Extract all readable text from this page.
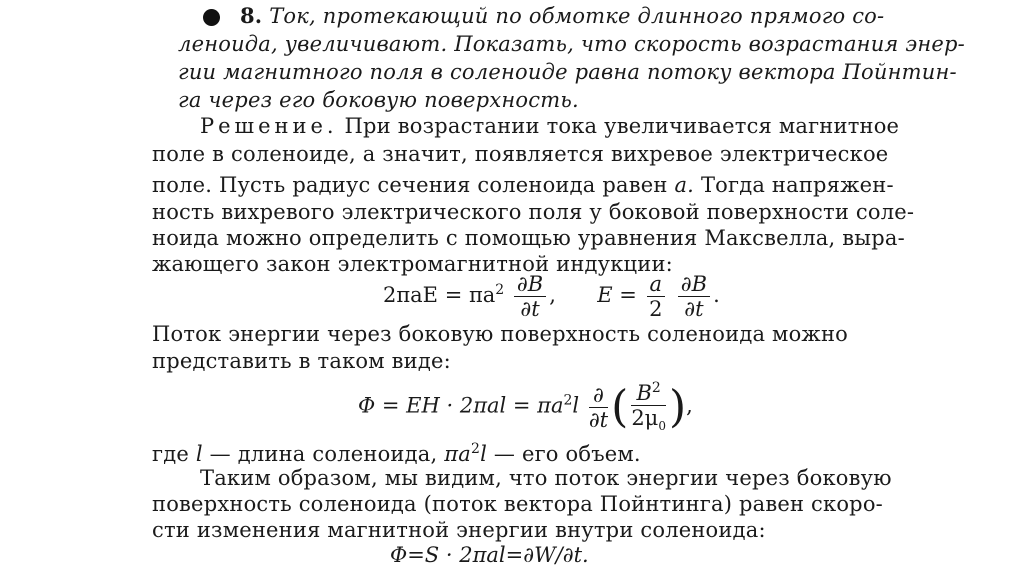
8. Ток, протекающий по обмотке длинного прямого со-
леноида, увеличивают. Показать, что скорость возрастания энер-
гии магнитного поля в соленоиде равна потоку вектора Пойнтин-
га через его боковую поверхность.
Решение. При возрастании тока увеличивается магнитное
поле в соленоиде, а значит, появляется вихревое электрическое
поле. Пусть радиус сечения соленоида равен a. Тогда напряжен-
ность вихревого электрического поля у боковой поверхности соле-
ноида можно определить с помощью уравнения Максвелла, выра-
жающего закон электромагнитной индукции:
$2\pi aE = \pi a^2 \frac{\partial B}{\partial t}$ , $E = \frac{a}{2}$
$\frac{\partial B}{\partial t}$ .
Поток энергии через боковую поверхность соленоида можно
представить в таком виде:
Φ = EH · $2\pi al = \pi a^2l \frac{\partial}{\partial t}$ ( $\frac{B^2}{2\mu_0}$ ),
где l — длина соленоида, $\pi a^2l$ — его объем.
Таким образом, мы видим, что поток энергии через боковую
поверхность соленоида (поток вектора Пойнтинга) равен скоро-
сти изменения магнитной энергии внутри соленоида:
Φ=S · 2πal=∂W/∂t.
